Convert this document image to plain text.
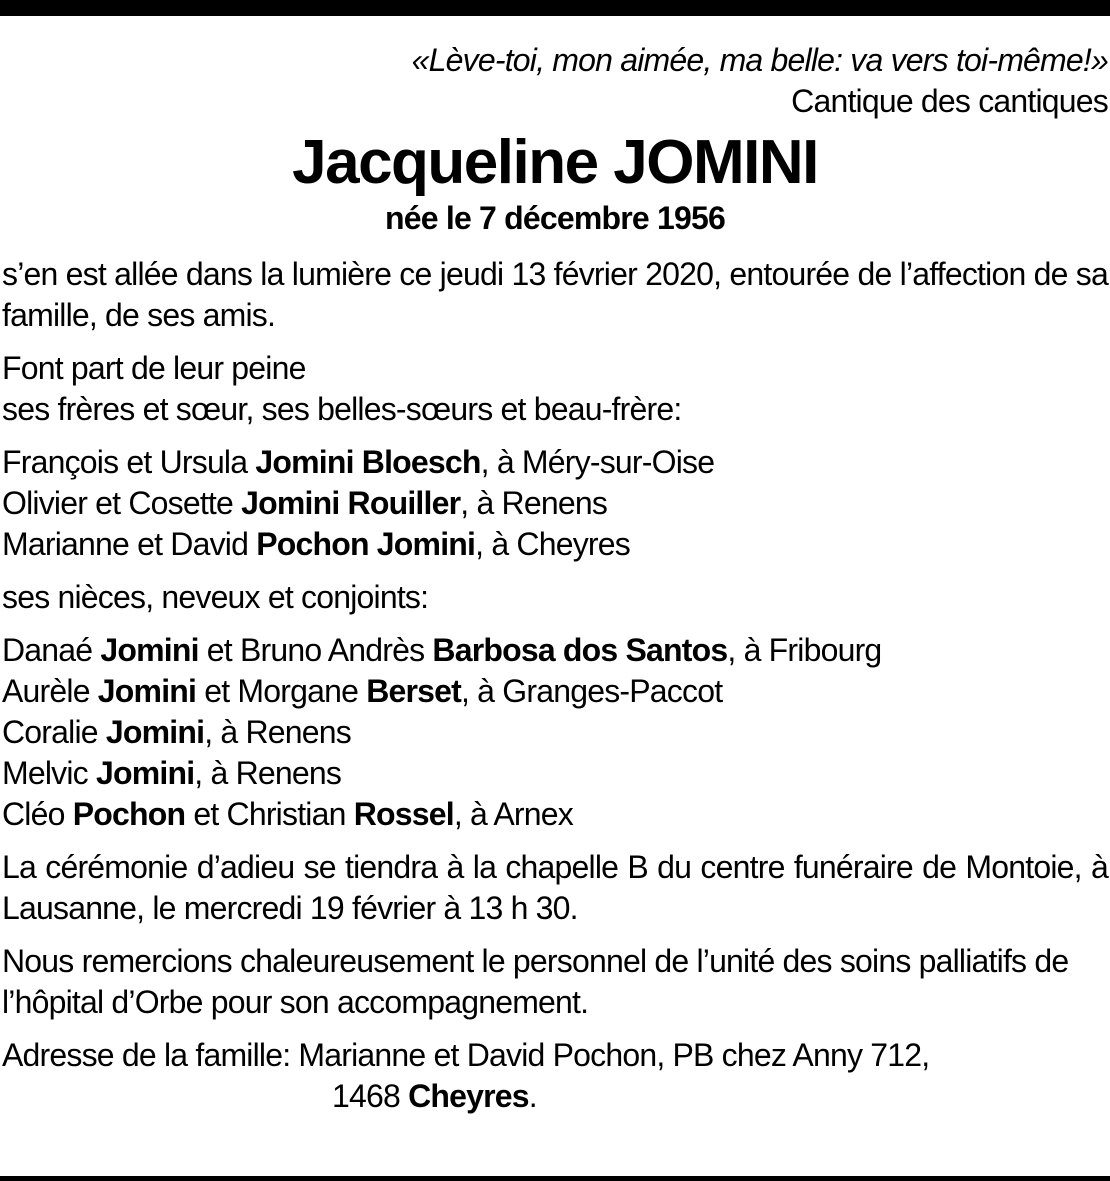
«Lève-toi, mon aimée, ma belle: va vers toi-même!»
Cantique des cantiques
Jacqueline JOMINI
née le 7 décembre 1956

s’en est allée dans la lumière ce jeudi 13 février 2020, entourée de l’affection de sa famille, de ses amis.

Font part de leur peine
ses frères et sœur, ses belles-sœurs et beau-frère:

François et Ursula Jomini Bloesch, à Méry-sur-Oise
Olivier et Cosette Jomini Rouiller, à Renens
Marianne et David Pochon Jomini, à Cheyres

ses nièces, neveux et conjoints:

Danaé Jomini et Bruno Andrès Barbosa dos Santos, à Fribourg
Aurèle Jomini et Morgane Berset, à Granges-Paccot
Coralie Jomini, à Renens
Melvic Jomini, à Renens
Cléo Pochon et Christian Rossel, à Arnex

La cérémonie d’adieu se tiendra à la chapelle B du centre funéraire de Montoie, à Lausanne, le mercredi 19 février à 13 h 30.

Nous remercions chaleureusement le personnel de l’unité des soins palliatifs de l’hôpital d’Orbe pour son accompagnement.

Adresse de la famille: Marianne et David Pochon, PB chez Anny 712,
1468 Cheyres.
